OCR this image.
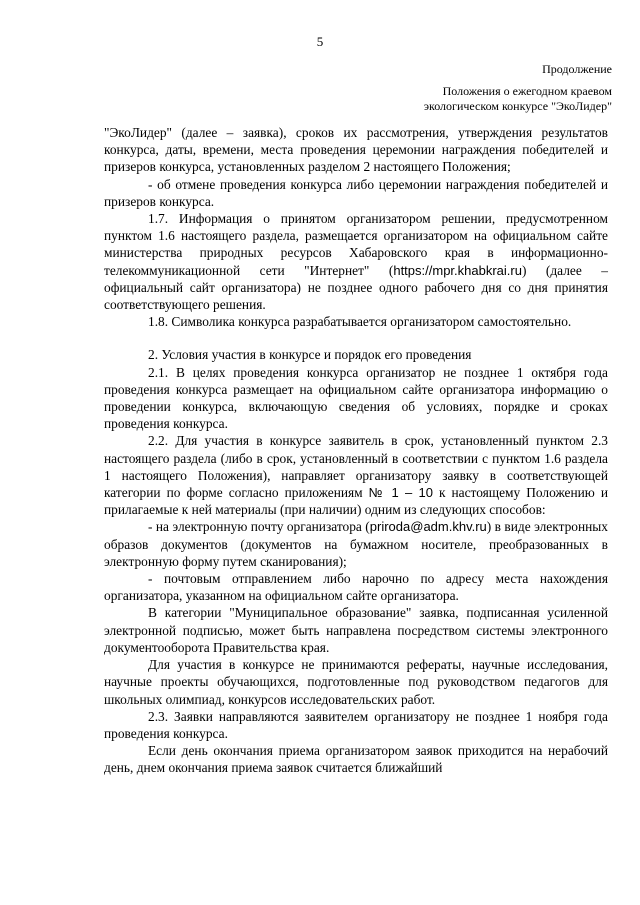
5
Продолжение
Положения о ежегодном краевом
экологическом конкурсе "ЭкоЛидер"

"ЭкоЛидер" (далее – заявка), сроков их рассмотрения, утверждения результатов конкурса, даты, времени, места проведения церемонии награждения победителей и призеров конкурса, установленных разделом 2 настоящего Положения;

- об отмене проведения конкурса либо церемонии награждения победителей и призеров конкурса.

1.7. Информация о принятом организатором решении, предусмотренном пунктом 1.6 настоящего раздела, размещается организатором на официальном сайте министерства природных ресурсов Хабаровского края в информационно-телекоммуникационной сети "Интернет" (https://mpr.khabkrai.ru) (далее – официальный сайт организатора) не позднее одного рабочего дня со дня принятия соответствующего решения.

1.8. Символика конкурса разрабатывается организатором самостоятельно.

2. Условия участия в конкурсе и порядок его проведения

2.1. В целях проведения конкурса организатор не позднее 1 октября года проведения конкурса размещает на официальном сайте организатора информацию о проведении конкурса, включающую сведения об условиях, порядке и сроках проведения конкурса.

2.2. Для участия в конкурсе заявитель в срок, установленный пунктом 2.3 настоящего раздела (либо в срок, установленный в соответствии с пунктом 1.6 раздела 1 настоящего Положения), направляет организатору заявку в соответствующей категории по форме согласно приложениям № 1 – 10 к настоящему Положению и прилагаемые к ней материалы (при наличии) одним из следующих способов:

- на электронную почту организатора (priroda@adm.khv.ru) в виде электронных образов документов (документов на бумажном носителе, преобразованных в электронную форму путем сканирования);

- почтовым отправлением либо нарочно по адресу места нахождения организатора, указанном на официальном сайте организатора.

В категории "Муниципальное образование" заявка, подписанная усиленной электронной подписью, может быть направлена посредством системы электронного документооборота Правительства края.

Для участия в конкурсе не принимаются рефераты, научные исследования, научные проекты обучающихся, подготовленные под руководством педагогов для школьных олимпиад, конкурсов исследовательских работ.

2.3. Заявки направляются заявителем организатору не позднее 1 ноября года проведения конкурса.

Если день окончания приема организатором заявок приходится на нерабочий день, днем окончания приема заявок считается ближайший
